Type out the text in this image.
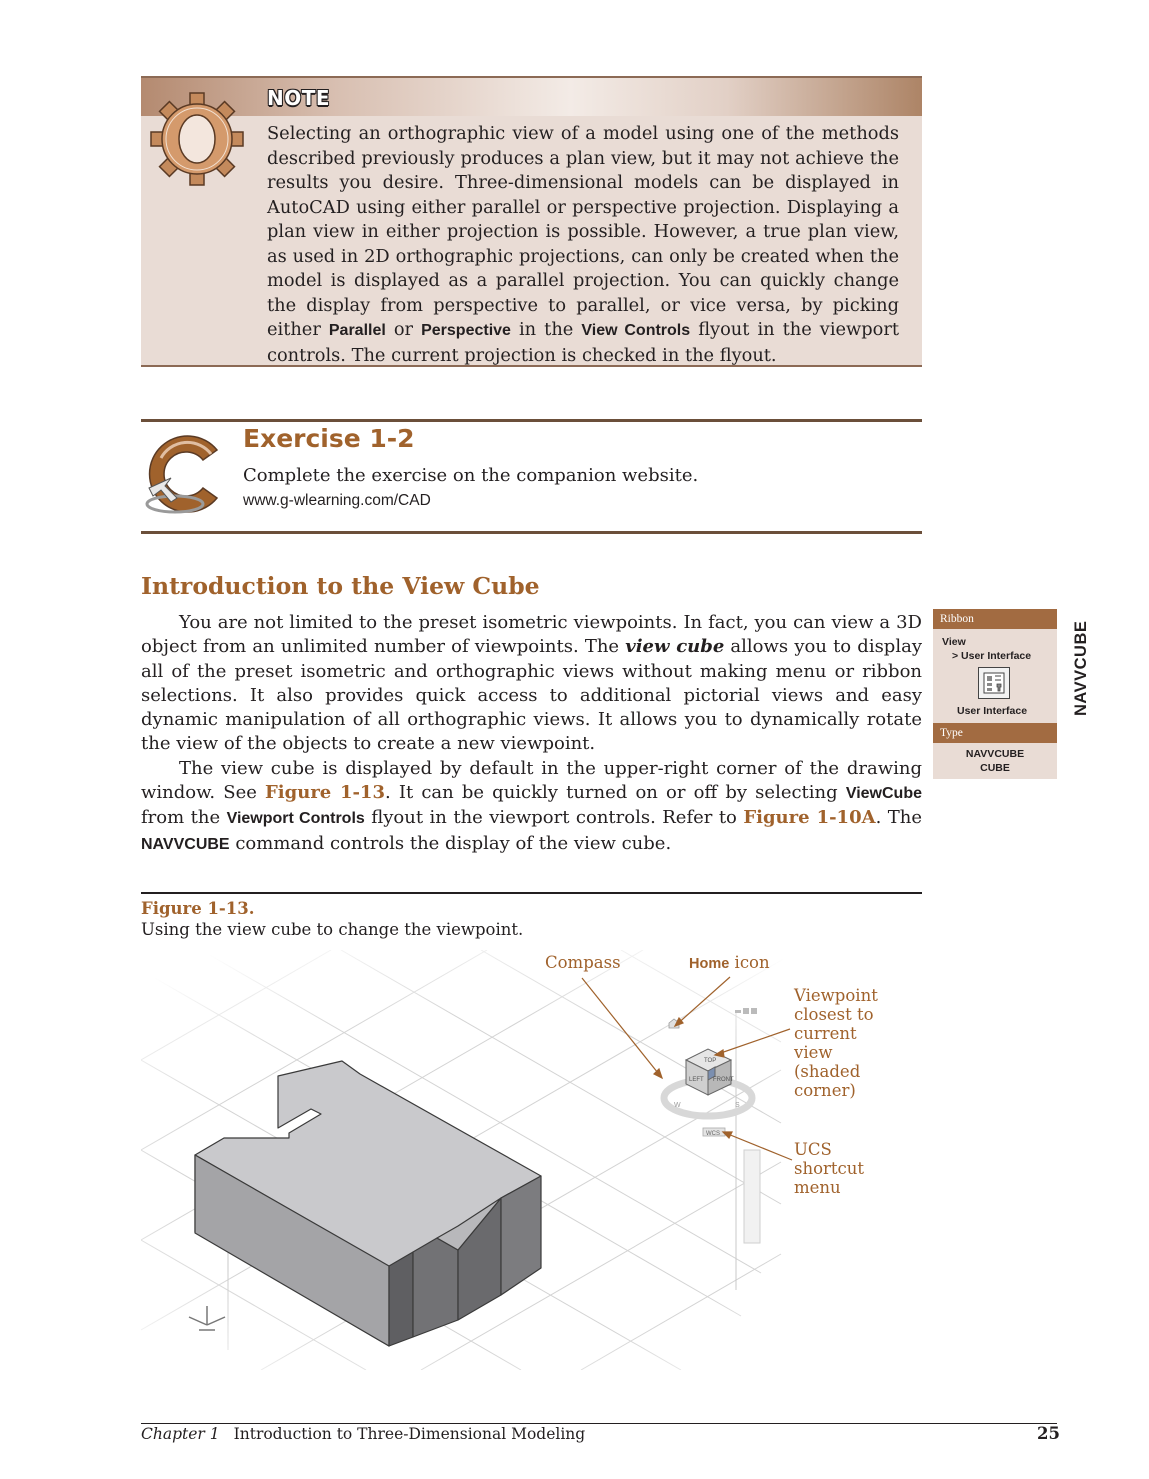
NOTE
Selecting an orthographic view of a model using one of the methods described previously produces a plan view, but it may not achieve the results you desire. Three-dimensional models can be displayed in AutoCAD using either parallel or perspective projection. Displaying a plan view in either projection is possible. However, a true plan view, as used in 2D orthographic projections, can only be created when the model is displayed as a parallel projection. You can quickly change the display from perspective to parallel, or vice versa, by picking either Parallel or Perspective in the View Controls flyout in the viewport controls. The current projection is checked in the flyout.
Exercise 1-2
Complete the exercise on the companion website.
www.g-wlearning.com/CAD
Introduction to the View Cube

You are not limited to the preset isometric viewpoints. In fact, you can view a 3D object from an unlimited number of viewpoints. The view cube allows you to display all of the preset isometric and orthographic views without making menu or ribbon selections. It also provides quick access to additional pictorial views and easy dynamic manipulation of all orthographic views. It allows you to dynamically rotate the view of the objects to create a new viewpoint.

The view cube is displayed by default in the upper-right corner of the drawing window. See Figure 1-13. It can be quickly turned on or off by selecting ViewCube from the Viewport Controls flyout in the viewport controls. Refer to Figure 1-10A. The NAVVCUBE command controls the display of the view cube.

Ribbon
View
> User Interface
User Interface
Type
NAVVCUBE
CUBE
NAVVCUBE
Figure 1-13.
Using the view cube to change the viewpoint.
W	S
TOP
LEFT FRONT
WCS
Compass	Home icon
Viewpoint
closest to
current
view
(shaded
corner)
UCS
shortcut
menu
Chapter 1 Introduction to Three-Dimensional Modeling	25
